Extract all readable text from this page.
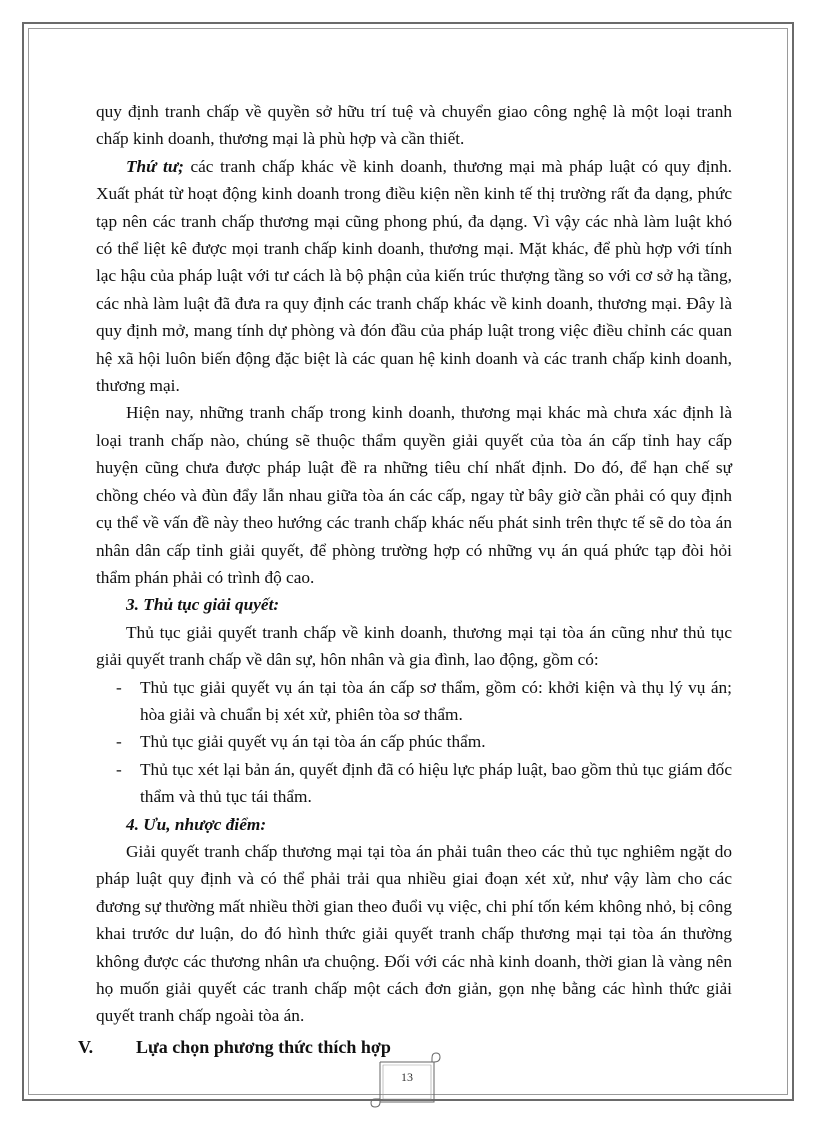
quy định tranh chấp về quyền sở hữu trí tuệ và chuyển giao công nghệ là một loại tranh chấp kinh doanh, thương mại là phù hợp và cần thiết.

Thứ tư; các tranh chấp khác về kinh doanh, thương mại mà pháp luật có quy định. Xuất phát từ hoạt động kinh doanh trong điều kiện nền kinh tế thị trường rất đa dạng, phức tạp nên các tranh chấp thương mại cũng phong phú, đa dạng. Vì vậy các nhà làm luật khó có thể liệt kê được mọi tranh chấp kinh doanh, thương mại. Mặt khác, để phù hợp với tính lạc hậu của pháp luật với tư cách là bộ phận của kiến trúc thượng tầng so với cơ sở hạ tầng, các nhà làm luật đã đưa ra quy định các tranh chấp khác về kinh doanh, thương mại. Đây là quy định mở, mang tính dự phòng và đón đầu của pháp luật trong việc điều chỉnh các quan hệ xã hội luôn biến động đặc biệt là các quan hệ kinh doanh và các tranh chấp kinh doanh, thương mại.

Hiện nay, những tranh chấp trong kinh doanh, thương mại khác mà chưa xác định là loại tranh chấp nào, chúng sẽ thuộc thẩm quyền giải quyết của tòa án cấp tỉnh hay cấp huyện cũng chưa được pháp luật đề ra những tiêu chí nhất định. Do đó, để hạn chế sự chồng chéo và đùn đẩy lẫn nhau giữa tòa án các cấp, ngay từ bây giờ cần phải có quy định cụ thể về vấn đề này theo hướng các tranh chấp khác nếu phát sinh trên thực tế sẽ do tòa án nhân dân cấp tỉnh giải quyết, để phòng trường hợp có những vụ án quá phức tạp đòi hỏi thẩm phán phải có trình độ cao.

3. Thủ tục giải quyết:

Thủ tục giải quyết tranh chấp về kinh doanh, thương mại tại tòa án cũng như thủ tục giải quyết tranh chấp về dân sự, hôn nhân và gia đình, lao động, gồm có:

- Thủ tục giải quyết vụ án tại tòa án cấp sơ thẩm, gồm có: khởi kiện và thụ lý vụ án; hòa giải và chuẩn bị xét xử, phiên tòa sơ thẩm.
- Thủ tục giải quyết vụ án tại tòa án cấp phúc thẩm.
- Thủ tục xét lại bản án, quyết định đã có hiệu lực pháp luật, bao gồm thủ tục giám đốc thẩm và thủ tục tái thẩm.

4. Ưu, nhược điểm:

Giải quyết tranh chấp thương mại tại tòa án phải tuân theo các thủ tục nghiêm ngặt do pháp luật quy định và có thể phải trải qua nhiều giai đoạn xét xử, như vậy làm cho các đương sự thường mất nhiều thời gian theo đuổi vụ việc, chi phí tốn kém không nhỏ, bị công khai trước dư luận, do đó hình thức giải quyết tranh chấp thương mại tại tòa án thường không được các thương nhân ưa chuộng. Đối với các nhà kinh doanh, thời gian là vàng nên họ muốn giải quyết các tranh chấp một cách đơn giản, gọn nhẹ bằng các hình thức giải quyết tranh chấp ngoài tòa án.

V.	Lựa chọn phương thức thích hợp
13
